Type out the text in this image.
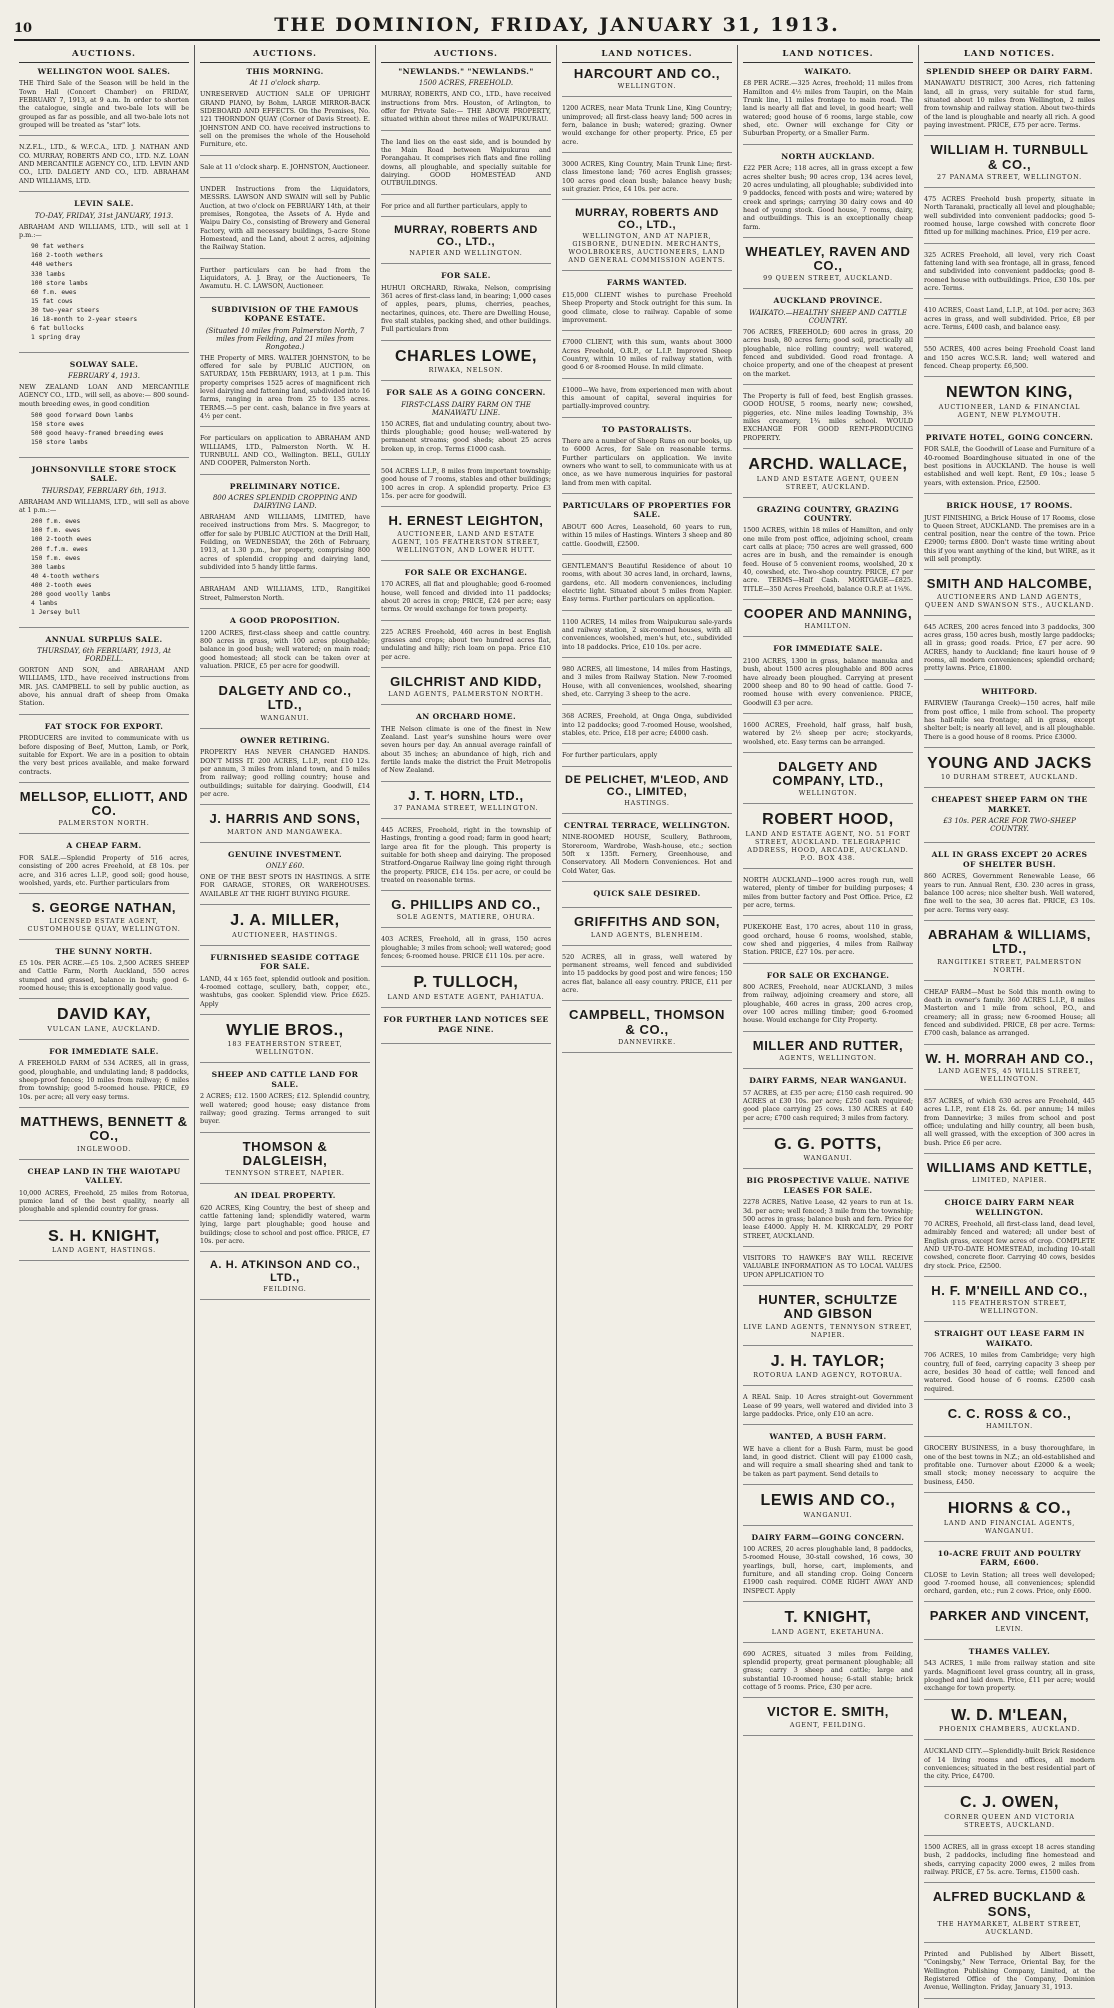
10	THE DOMINION, FRIDAY, JANUARY 31, 1913.
AUCTIONS.
WELLINGTON WOOL SALES.
THE Third Sale of the Season will be held in the Town Hall (Concert Chamber) on FRIDAY, FEBRUARY 7, 1913, at 9 a.m. In order to shorten the catalogue, single and two-bale lots will be grouped as far as possible, and all two-bale lots not grouped will be treated as "star" lots.
N.Z.F.L., LTD., & W.F.C.A., LTD. J. NATHAN AND CO. MURRAY, ROBERTS AND CO., LTD. N.Z. LOAN AND MERCANTILE AGENCY CO., LTD. LEVIN AND CO., LTD. DALGETY AND CO., LTD. ABRAHAM AND WILLIAMS, LTD.
LEVIN SALE.
TO-DAY, FRIDAY, 31st JANUARY, 1913.
ABRAHAM AND WILLIAMS, LTD., will sell at 1 p.m.:—
90 fat wethers
160 2-tooth wethers
440 wethers
330 lambs
100 store lambs
60 f.m. ewes
15 fat cows
30 two-year steers
16 18-month to 2-year steers
6 fat bullocks
1 spring dray
SOLWAY SALE.
FEBRUARY 4, 1913.
NEW ZEALAND LOAN AND MERCANTILE AGENCY CO., LTD., will sell, as above:— 800 sound-mouth breeding ewes, in good condition
500 good forward Down lambs
150 store ewes
500 good heavy-framed breeding ewes
150 store lambs
JOHNSONVILLE STORE STOCK SALE.
THURSDAY, FEBRUARY 6th, 1913.
ABRAHAM AND WILLIAMS, LTD., will sell as above at 1 p.m.:—
200 f.m. ewes
100 f.m. ewes
100 2-tooth ewes
200 f.f.m. ewes
150 f.m. ewes
300 lambs
40 4-tooth wethers
400 2-tooth ewes
200 good woolly lambs
4 lambs
1 Jersey bull
ANNUAL SURPLUS SALE.
THURSDAY, 6th FEBRUARY, 1913, At FORDELL.
GORTON AND SON, and ABRAHAM AND WILLIAMS, LTD., have received instructions from MR. JAS. CAMPBELL to sell by public auction, as above, his annual draft of sheep from Omaka Station.
FAT STOCK FOR EXPORT.
PRODUCERS are invited to communicate with us before disposing of Beef, Mutton, Lamb, or Pork, suitable for Export. We are in a position to obtain the very best prices available, and make forward contracts.
MELLSOP, ELLIOTT, AND CO.
PALMERSTON NORTH.
A CHEAP FARM.
FOR SALE.—Splendid Property of 516 acres, consisting of 200 acres Freehold, at £8 10s. per acre, and 316 acres L.I.P., good soil; good house, woolshed, yards, etc. Further particulars from
S. GEORGE NATHAN,
LICENSED ESTATE AGENT, CUSTOMHOUSE QUAY, WELLINGTON.
THE SUNNY NORTH.
£5 10s. PER ACRE.—£5 10s. 2,500 ACRES SHEEP and Cattle Farm, North Auckland, 550 acres stumped and grassed, balance in bush; good 6-roomed house; this is exceptionally good value.
DAVID KAY,
VULCAN LANE, AUCKLAND.
FOR IMMEDIATE SALE.
A FREEHOLD FARM of 534 ACRES, all in grass, good, ploughable, and undulating land; 8 paddocks, sheep-proof fences; 10 miles from railway; 6 miles from township; good 5-roomed house. PRICE, £9 10s. per acre; all very easy terms.
MATTHEWS, BENNETT & CO.,
INGLEWOOD.
CHEAP LAND IN THE WAIOTAPU VALLEY.
10,000 ACRES, Freehold, 25 miles from Rotorua, pumice land of the best quality, nearly all ploughable and splendid country for grass.
S. H. KNIGHT,
LAND AGENT, HASTINGS.
AUCTIONS.
THIS MORNING.
At 11 o'clock sharp.
UNRESERVED AUCTION SALE OF UPRIGHT GRAND PIANO, by Bohm, LARGE MIRROR-BACK SIDEBOARD AND EFFECTS. On the Premises, No. 121 THORNDON QUAY (Corner of Davis Street). E. JOHNSTON AND CO. have received instructions to sell on the premises the whole of the Household Furniture, etc.
Sale at 11 o'clock sharp. E. JOHNSTON, Auctioneer.
UNDER Instructions from the Liquidators, MESSRS. LAWSON AND SWAIN will sell by Public Auction, at two o'clock on FEBRUARY 14th, at their premises, Rongotea, the Assets of A. Hyde and Waipu Dairy Co., consisting of Brewery and General Factory, with all necessary buildings, 5-acre Stone Homestead, and the Land, about 2 acres, adjoining the Railway Station.
Further particulars can be had from the Liquidators, A. J. Bray, or the Auctioneers, Te Awamutu. H. C. LAWSON, Auctioneer.
SUBDIVISION OF THE FAMOUS KOPANE ESTATE.
(Situated 10 miles from Palmerston North, 7 miles from Feilding, and 21 miles from Rongotea.)
THE Property of MRS. WALTER JOHNSTON, to be offered for sale by PUBLIC AUCTION, on SATURDAY, 15th FEBRUARY, 1913, at 1 p.m. This property comprises 1525 acres of magnificent rich level dairying and fattening land, subdivided into 16 farms, ranging in area from 25 to 135 acres. TERMS.—5 per cent. cash, balance in five years at 4½ per cent.
For particulars on application to ABRAHAM AND WILLIAMS, LTD., Palmerston North. W. H. TURNBULL AND CO., Wellington. BELL, GULLY AND COOPER, Palmerston North.
PRELIMINARY NOTICE.
800 ACRES SPLENDID CROPPING AND DAIRYING LAND.
ABRAHAM AND WILLIAMS, LIMITED, have received instructions from Mrs. S. Macgregor, to offer for sale by PUBLIC AUCTION at the Drill Hall, Feilding, on WEDNESDAY, the 26th of February, 1913, at 1.30 p.m., her property, comprising 800 acres of splendid cropping and dairying land, subdivided into 5 handy little farms.
ABRAHAM AND WILLIAMS, LTD., Rangitikei Street, Palmerston North.
A GOOD PROPOSITION.
1200 ACRES, first-class sheep and cattle country. 800 acres in grass, with 100 acres ploughable; balance in good bush; well watered; on main road; good homestead; all stock can be taken over at valuation. PRICE, £5 per acre for goodwill.
DALGETY AND CO., LTD.,
WANGANUI.
OWNER RETIRING.
PROPERTY HAS NEVER CHANGED HANDS. DON'T MISS IT. 200 ACRES, L.I.P., rent £10 12s. per annum, 3 miles from inland town, and 5 miles from railway; good rolling country; house and outbuildings; suitable for dairying. Goodwill, £14 per acre.
J. HARRIS AND SONS,
MARTON AND MANGAWEKA.
GENUINE INVESTMENT.
ONLY £60.
ONE OF THE BEST SPOTS IN HASTINGS. A SITE FOR GARAGE, STORES, OR WAREHOUSES. AVAILABLE AT THE RIGHT BUYING FIGURE.
J. A. MILLER,
AUCTIONEER, HASTINGS.
FURNISHED SEASIDE COTTAGE FOR SALE.
LAND, 44 x 165 feet, splendid outlook and position. 4-roomed cottage, scullery, bath, copper, etc., washtubs, gas cooker. Splendid view. Price £625. Apply
WYLIE BROS.,
183 FEATHERSTON STREET, WELLINGTON.
SHEEP AND CATTLE LAND FOR SALE.
2 ACRES; £12. 1500 ACRES; £12. Splendid country, well watered; good house; easy distance from railway; good grazing. Terms arranged to suit buyer.
THOMSON & DALGLEISH,
TENNYSON STREET, NAPIER.
AN IDEAL PROPERTY.
620 ACRES, King Country, the best of sheep and cattle fattening land; splendidly watered, warm lying, large part ploughable; good house and buildings; close to school and post office. PRICE, £7 10s. per acre.
A. H. ATKINSON AND CO., LTD.,
FEILDING.
AUCTIONS.
"NEWLANDS." "NEWLANDS."
1500 ACRES, FREEHOLD.
MURRAY, ROBERTS, AND CO., LTD., have received instructions from Mrs. Houston, of Arlington, to offer for Private Sale:— THE ABOVE PROPERTY, situated within about three miles of WAIPUKURAU.
The land lies on the east side, and is bounded by the Main Road between Waipukurau and Porangahau. It comprises rich flats and fine rolling downs, all ploughable, and specially suitable for dairying. GOOD HOMESTEAD AND OUTBUILDINGS.
For price and all further particulars, apply to
MURRAY, ROBERTS AND CO., LTD.,
NAPIER AND WELLINGTON.
FOR SALE.
HUHUI ORCHARD, Riwaka, Nelson, comprising 361 acres of first-class land, in bearing; 1,000 cases of apples, pears, plums, cherries, peaches, nectarines, quinces, etc. There are Dwelling House, five stall stables, packing shed, and other buildings. Full particulars from
CHARLES LOWE,
RIWAKA, NELSON.
FOR SALE AS A GOING CONCERN.
FIRST-CLASS DAIRY FARM ON THE MANAWATU LINE.
150 ACRES, flat and undulating country, about two-thirds ploughable; good house; well-watered by permanent streams; good sheds; about 25 acres broken up, in crop. Terms £1000 cash.
504 ACRES L.I.P., 8 miles from important township; good house of 7 rooms, stables and other buildings; 100 acres in crop. A splendid property. Price £3 15s. per acre for goodwill.
H. ERNEST LEIGHTON,
AUCTIONEER, LAND AND ESTATE AGENT, 105 FEATHERSTON STREET, WELLINGTON, AND LOWER HUTT.
FOR SALE OR EXCHANGE.
170 ACRES, all flat and ploughable; good 6-roomed house, well fenced and divided into 11 paddocks; about 20 acres in crop; PRICE, £24 per acre; easy terms. Or would exchange for town property.
225 ACRES Freehold, 460 acres in best English grasses and crops; about two hundred acres flat, undulating and hilly; rich loam on papa. Price £10 per acre.
GILCHRIST AND KIDD,
LAND AGENTS, PALMERSTON NORTH.
AN ORCHARD HOME.
THE Nelson climate is one of the finest in New Zealand. Last year's sunshine hours were over seven hours per day. An annual average rainfall of about 35 inches; an abundance of high, rich and fertile lands make the district the Fruit Metropolis of New Zealand.
J. T. HORN, LTD.,
37 PANAMA STREET, WELLINGTON.
445 ACRES, Freehold, right in the township of Hastings, fronting a good road; farm in good heart; large area fit for the plough. This property is suitable for both sheep and dairying. The proposed Stratford-Ongarue Railway line going right through the property. PRICE, £14 15s. per acre, or could be treated on reasonable terms.
G. PHILLIPS AND CO.,
SOLE AGENTS, MATIERE, OHURA.
403 ACRES, Freehold, all in grass, 150 acres ploughable; 3 miles from school; well watered; good fences; 6-roomed house. PRICE £11 10s. per acre.
P. TULLOCH,
LAND AND ESTATE AGENT, PAHIATUA.
FOR FURTHER LAND NOTICES SEE PAGE NINE.
LAND NOTICES.
HARCOURT AND CO.,
WELLINGTON.
1200 ACRES, near Mata Trunk Line, King Country; unimproved; all first-class heavy land; 500 acres in fern, balance in bush; watered; grazing. Owner would exchange for other property. Price, £5 per acre.
3000 ACRES, King Country, Main Trunk Line; first-class limestone land; 760 acres English grasses; 100 acres good clean bush; balance heavy bush; suit grazier. Price, £4 10s. per acre.
MURRAY, ROBERTS AND CO., LTD.,
WELLINGTON, AND AT NAPIER, GISBORNE, DUNEDIN. MERCHANTS, WOOLBROKERS, AUCTIONEERS, LAND AND GENERAL COMMISSION AGENTS.
FARMS WANTED.
£15,000 CLIENT wishes to purchase Freehold Sheep Property and Stock outright for this sum. In good climate, close to railway. Capable of some improvement.
£7000 CLIENT, with this sum, wants about 3000 Acres Freehold, O.R.P., or L.I.P. Improved Sheep Country, within 10 miles of railway station, with good 6 or 8-roomed House. In mild climate.
£1000—We have, from experienced men with about this amount of capital, several inquiries for partially-improved country.
TO PASTORALISTS.
There are a number of Sheep Runs on our books, up to 6000 Acres, for Sale on reasonable terms. Further particulars on application. We invite owners who want to sell, to communicate with us at once, as we have numerous inquiries for pastoral land from men with capital.
PARTICULARS OF PROPERTIES FOR SALE.
ABOUT 600 Acres, Leasehold, 60 years to run, within 15 miles of Hastings. Winters 3 sheep and 80 cattle. Goodwill, £2500.
GENTLEMAN'S Beautiful Residence of about 10 rooms, with about 30 acres land, in orchard, lawns, gardens, etc. All modern conveniences, including electric light. Situated about 5 miles from Napier. Easy terms. Further particulars on application.
1100 ACRES, 14 miles from Waipukurau sale-yards and railway station, 2 six-roomed houses, with all conveniences, woolshed, men's hut, etc., subdivided into 18 paddocks. Price, £10 10s. per acre.
980 ACRES, all limestone, 14 miles from Hastings, and 3 miles from Railway Station. New 7-roomed House, with all conveniences, woolshed, shearing shed, etc. Carrying 3 sheep to the acre.
368 ACRES, Freehold, at Onga Onga, subdivided into 12 paddocks; good 7-roomed House, woolshed, stables, etc. Price, £18 per acre; £4000 cash.
For further particulars, apply
DE PELICHET, M'LEOD, AND CO., LIMITED,
HASTINGS.
CENTRAL TERRACE, WELLINGTON.
NINE-ROOMED HOUSE, Scullery, Bathroom, Storeroom, Wardrobe, Wash-house, etc.; section 50ft x 135ft. Fernery, Greenhouse, and Conservatory. All Modern Conveniences. Hot and Cold Water, Gas.
QUICK SALE DESIRED.
GRIFFITHS AND SON,
LAND AGENTS, BLENHEIM.
520 ACRES, all in grass, well watered by permanent streams, well fenced and subdivided into 15 paddocks by good post and wire fences; 150 acres flat, balance all easy country. PRICE, £11 per acre.
CAMPBELL, THOMSON & CO.,
DANNEVIRKE.
LAND NOTICES.
WAIKATO.
£8 PER ACRE.—325 Acres, freehold; 11 miles from Hamilton and 4½ miles from Taupiri, on the Main Trunk line, 11 miles frontage to main road. The land is nearly all flat and level, in good heart; well watered; good house of 6 rooms, large stable, cow shed, etc. Owner will exchange for City or Suburban Property, or a Smaller Farm.
NORTH AUCKLAND.
£22 PER Acre; 118 acres, all in grass except a few acres shelter bush; 90 acres crop, 134 acres level, 20 acres undulating, all ploughable; subdivided into 9 paddocks, fenced with posts and wire; watered by creek and springs; carrying 30 dairy cows and 40 head of young stock. Good house, 7 rooms, dairy, and outbuildings. This is an exceptionally cheap farm.
WHEATLEY, RAVEN AND CO.,
99 QUEEN STREET, AUCKLAND.
AUCKLAND PROVINCE.
WAIKATO.—HEALTHY SHEEP AND CATTLE COUNTRY.
706 ACRES, FREEHOLD; 600 acres in grass, 20 acres bush, 80 acres fern; good soil, practically all ploughable, nice rolling country; well watered, fenced and subdivided. Good road frontage. A choice property, and one of the cheapest at present on the market.
The Property is full of feed, best English grasses. GOOD HOUSE, 5 rooms, nearly new; cowshed, piggeries, etc. Nine miles leading Township, 3¼ miles creamery, 1¾ miles school. WOULD EXCHANGE FOR GOOD RENT-PRODUCING PROPERTY.
ARCHD. WALLACE,
LAND AND ESTATE AGENT, QUEEN STREET, AUCKLAND.
GRAZING COUNTRY, GRAZING COUNTRY.
1500 ACRES, within 18 miles of Hamilton, and only one mile from post office, adjoining school, cream cart calls at place; 750 acres are well grassed, 600 acres are in bush, and the remainder is enough feed. House of 5 convenient rooms, woolshed, 20 x 40, cowshed, etc. Two-shop country. PRICE, £7 per acre. TERMS—Half Cash. MORTGAGE—£825. TITLE—350 Acres Freehold, balance O.R.P. at 1¼%.
COOPER AND MANNING,
HAMILTON.
FOR IMMEDIATE SALE.
2100 ACRES, 1300 in grass, balance manuka and bush, about 1500 acres ploughable and 800 acres have already been ploughed. Carrying at present 2000 sheep and 80 to 90 head of cattle. Good 7-roomed house with every convenience. PRICE, Goodwill £3 per acre.
1600 ACRES, Freehold, half grass, half bush, watered by 2½ sheep per acre; stockyards, woolshed, etc. Easy terms can be arranged.
DALGETY AND COMPANY, LTD.,
WELLINGTON.
ROBERT HOOD,
LAND AND ESTATE AGENT, NO. 51 FORT STREET, AUCKLAND. TELEGRAPHIC ADDRESS, HOOD, ARCADE, AUCKLAND. P.O. BOX 438.
NORTH AUCKLAND—1900 acres rough run, well watered, plenty of timber for building purposes; 4 miles from butter factory and Post Office. Price, £2 per acre, terms.
PUKEKOHE East, 170 acres, about 110 in grass, good orchard, house 6 rooms, woolshed, stable, cow shed and piggeries, 4 miles from Railway Station. PRICE, £27 10s. per acre.
FOR SALE OR EXCHANGE.
800 ACRES, Freehold, near AUCKLAND, 3 miles from railway, adjoining creamery and store, all ploughable, 460 acres in grass, 200 acres crop, over 100 acres milling timber; good 6-roomed house. Would exchange for City Property.
MILLER AND RUTTER,
AGENTS, WELLINGTON.
DAIRY FARMS, NEAR WANGANUI.
57 ACRES, at £35 per acre; £150 cash required. 90 ACRES at £30 10s. per acre; £250 cash required; good place carrying 25 cows. 130 ACRES at £40 per acre; £700 cash required; 3 miles from factory.
G. G. POTTS,
WANGANUI.
BIG PROSPECTIVE VALUE. NATIVE LEASES FOR SALE.
2278 ACRES, Native Lease, 42 years to run at 1s. 3d. per acre; well fenced; 3 mile from the township; 500 acres in grass; balance bush and fern. Price for lease £4000. Apply H. M. KIRKCALDY, 29 PORT STREET, AUCKLAND.
VISITORS TO HAWKE'S BAY WILL RECEIVE VALUABLE INFORMATION AS TO LOCAL VALUES UPON APPLICATION TO
HUNTER, SCHULTZE AND GIBSON
LIVE LAND AGENTS, TENNYSON STREET, NAPIER.
J. H. TAYLOR;
ROTORUA LAND AGENCY, ROTORUA.
A REAL Snip. 10 Acres straight-out Government Lease of 99 years, well watered and divided into 3 large paddocks. Price, only £10 an acre.
WANTED, A BUSH FARM.
WE have a client for a Bush Farm, must be good land, in good district. Client will pay £1000 cash, and will require a small shearing shed and tank to be taken as part payment. Send details to
LEWIS AND CO.,
WANGANUI.
DAIRY FARM—GOING CONCERN.
100 ACRES, 20 acres ploughable land, 8 paddocks, 5-roomed House, 30-stall cowshed, 16 cows, 30 yearlings, bull, horse, cart, implements, and furniture, and all standing crop. Going Concern £1900 cash required. COME RIGHT AWAY AND INSPECT. Apply
T. KNIGHT,
LAND AGENT, EKETAHUNA.
690 ACRES, situated 3 miles from Feilding, splendid property, great permanent ploughable; all grass; carry 3 sheep and cattle; large and substantial 10-roomed house; 6-stall stable; brick cottage of 5 rooms. Price, £30 per acre.
VICTOR E. SMITH,
AGENT, FEILDING.
LAND NOTICES.
SPLENDID SHEEP OR DAIRY FARM.
MANAWATU DISTRICT, 300 Acres, rich fattening land, all in grass, very suitable for stud farm, situated about 10 miles from Wellington, 2 miles from township and railway station. About two-thirds of the land is ploughable and nearly all rich. A good paying investment. PRICE, £75 per acre. Terms.
WILLIAM H. TURNBULL & CO.,
27 PANAMA STREET, WELLINGTON.
475 ACRES Freehold bush property, situate in North Taranaki, practically all level and ploughable; well subdivided into convenient paddocks; good 5-roomed house, large cowshed with concrete floor fitted up for milking machines. Price, £19 per acre.
325 ACRES Freehold, all level, very rich Coast fattening land with sea frontage, all in grass, fenced and subdivided into convenient paddocks; good 8-roomed house with outbuildings. Price, £30 10s. per acre. Terms.
410 ACRES, Coast Land, L.I.P., at 10d. per acre; 363 acres in grass, and well subdivided. Price, £8 per acre. Terms, £400 cash, and balance easy.
550 ACRES, 400 acres being Freehold Coast land and 150 acres W.C.S.R. land; well watered and fenced. Cheap property. £6,500.
NEWTON KING,
AUCTIONEER, LAND & FINANCIAL AGENT, NEW PLYMOUTH.
PRIVATE HOTEL, GOING CONCERN.
FOR SALE, the Goodwill of Lease and Furniture of a 40-roomed Boardinghouse situated in one of the best positions in AUCKLAND. The house is well established and well kept. Rent, £9 10s.; lease 5 years, with extension. Price, £2500.
BRICK HOUSE, 17 ROOMS.
JUST FINISHING, a Brick House of 17 Rooms, close to Queen Street, AUCKLAND. The premises are in a central position, near the centre of the town. Price £2900; terms £800. Don't waste time writing about this if you want anything of the kind, but WIRE, as it will sell promptly.
SMITH AND HALCOMBE,
AUCTIONEERS AND LAND AGENTS, QUEEN AND SWANSON STS., AUCKLAND.
645 ACRES, 200 acres fenced into 3 paddocks, 300 acres grass, 150 acres bush, mostly large paddocks; all in grass; good roads. Price, £7 per acre. 90 ACRES, handy to Auckland; fine kauri house of 9 rooms, all modern conveniences; splendid orchard; pretty lawns. Price, £1800.
WHITFORD.
FAIRVIEW (Tauranga Creek)—150 acres, half mile from post office, 1 mile from school. The property has half-mile sea frontage; all in grass, except shelter belt; is nearly all level, and is all ploughable. There is a good house of 8 rooms. Price £3000.
YOUNG AND JACKS
10 DURHAM STREET, AUCKLAND.
CHEAPEST SHEEP FARM ON THE MARKET.
£3 10s. PER ACRE FOR TWO-SHEEP COUNTRY.
ALL IN GRASS EXCEPT 20 ACRES OF SHELTER BUSH.
860 ACRES, Government Renewable Lease, 66 years to run. Annual Rent, £30. 230 acres in grass, balance 100 acres; nice shelter bush. Well watered, fine well to the sea, 30 acres flat. PRICE, £3 10s. per acre. Terms very easy.
ABRAHAM & WILLIAMS, LTD.,
RANGITIKEI STREET, PALMERSTON NORTH.
CHEAP FARM—Must be Sold this month owing to death in owner's family. 360 ACRES L.I.P., 8 miles Masterton and 1 mile from school, P.O., and creamery; all in grass; new 6-roomed House; all fenced and subdivided. PRICE, £8 per acre. Terms: £700 cash, balance as arranged.
W. H. MORRAH AND CO.,
LAND AGENTS, 45 WILLIS STREET, WELLINGTON.
857 ACRES, of which 630 acres are Freehold, 445 acres L.I.P., rent £18 2s. 6d. per annum; 14 miles from Dannevirke; 3 miles from school and post office; undulating and hilly country, all been bush, all well grassed, with the exception of 300 acres in bush. Price £6 per acre.
WILLIAMS AND KETTLE,
LIMITED, NAPIER.
CHOICE DAIRY FARM NEAR WELLINGTON.
70 ACRES, Freehold, all first-class land, dead level, admirably fenced and watered; all under best of English grass, except few acres of crop. COMPLETE AND UP-TO-DATE HOMESTEAD, including 10-stall cowshed, concrete floor. Carrying 40 cows, besides dry stock. Price, £2500.
H. F. M'NEILL AND CO.,
115 FEATHERSTON STREET, WELLINGTON.
STRAIGHT OUT LEASE FARM IN WAIKATO.
706 ACRES, 10 miles from Cambridge; very high country, full of feed, carrying capacity 3 sheep per acre, besides 30 head of cattle; well fenced and watered. Good house of 6 rooms. £2500 cash required.
C. C. ROSS & CO.,
HAMILTON.
GROCERY BUSINESS, in a busy thoroughfare, in one of the best towns in N.Z.; an old-established and profitable one. Turnover about £2000 & a week; small stock; money necessary to acquire the business, £450.
HIORNS & CO.,
LAND AND FINANCIAL AGENTS, WANGANUI.
10-ACRE FRUIT AND POULTRY FARM, £600.
CLOSE to Levin Station; all trees well developed; good 7-roomed house, all conveniences; splendid orchard, garden, etc.; run 2 cows. Price, only £600.
PARKER AND VINCENT,
LEVIN.
THAMES VALLEY.
543 ACRES, 1 mile from railway station and site yards. Magnificent level grass country, all in grass, ploughed and laid down. Price, £11 per acre; would exchange for town property.
W. D. M'LEAN,
PHOENIX CHAMBERS, AUCKLAND.
AUCKLAND CITY.—Splendidly-built Brick Residence of 14 living rooms and offices, all modern conveniences; situated in the best residential part of the city. Price, £4700.
C. J. OWEN,
CORNER QUEEN AND VICTORIA STREETS, AUCKLAND.
1500 ACRES, all in grass except 18 acres standing bush, 2 paddocks, including fine homestead and sheds, carrying capacity 2000 ewes, 2 miles from railway. PRICE, £7 5s. acre. Terms, £1500 cash.
ALFRED BUCKLAND & SONS,
THE HAYMARKET, ALBERT STREET, AUCKLAND.
Printed and Published by Albert Bissett, "Coningsby," New Terrace, Oriental Bay, for the Wellington Publishing Company, Limited, at the Registered Office of the Company, Dominion Avenue, Wellington. Friday, January 31, 1913.
